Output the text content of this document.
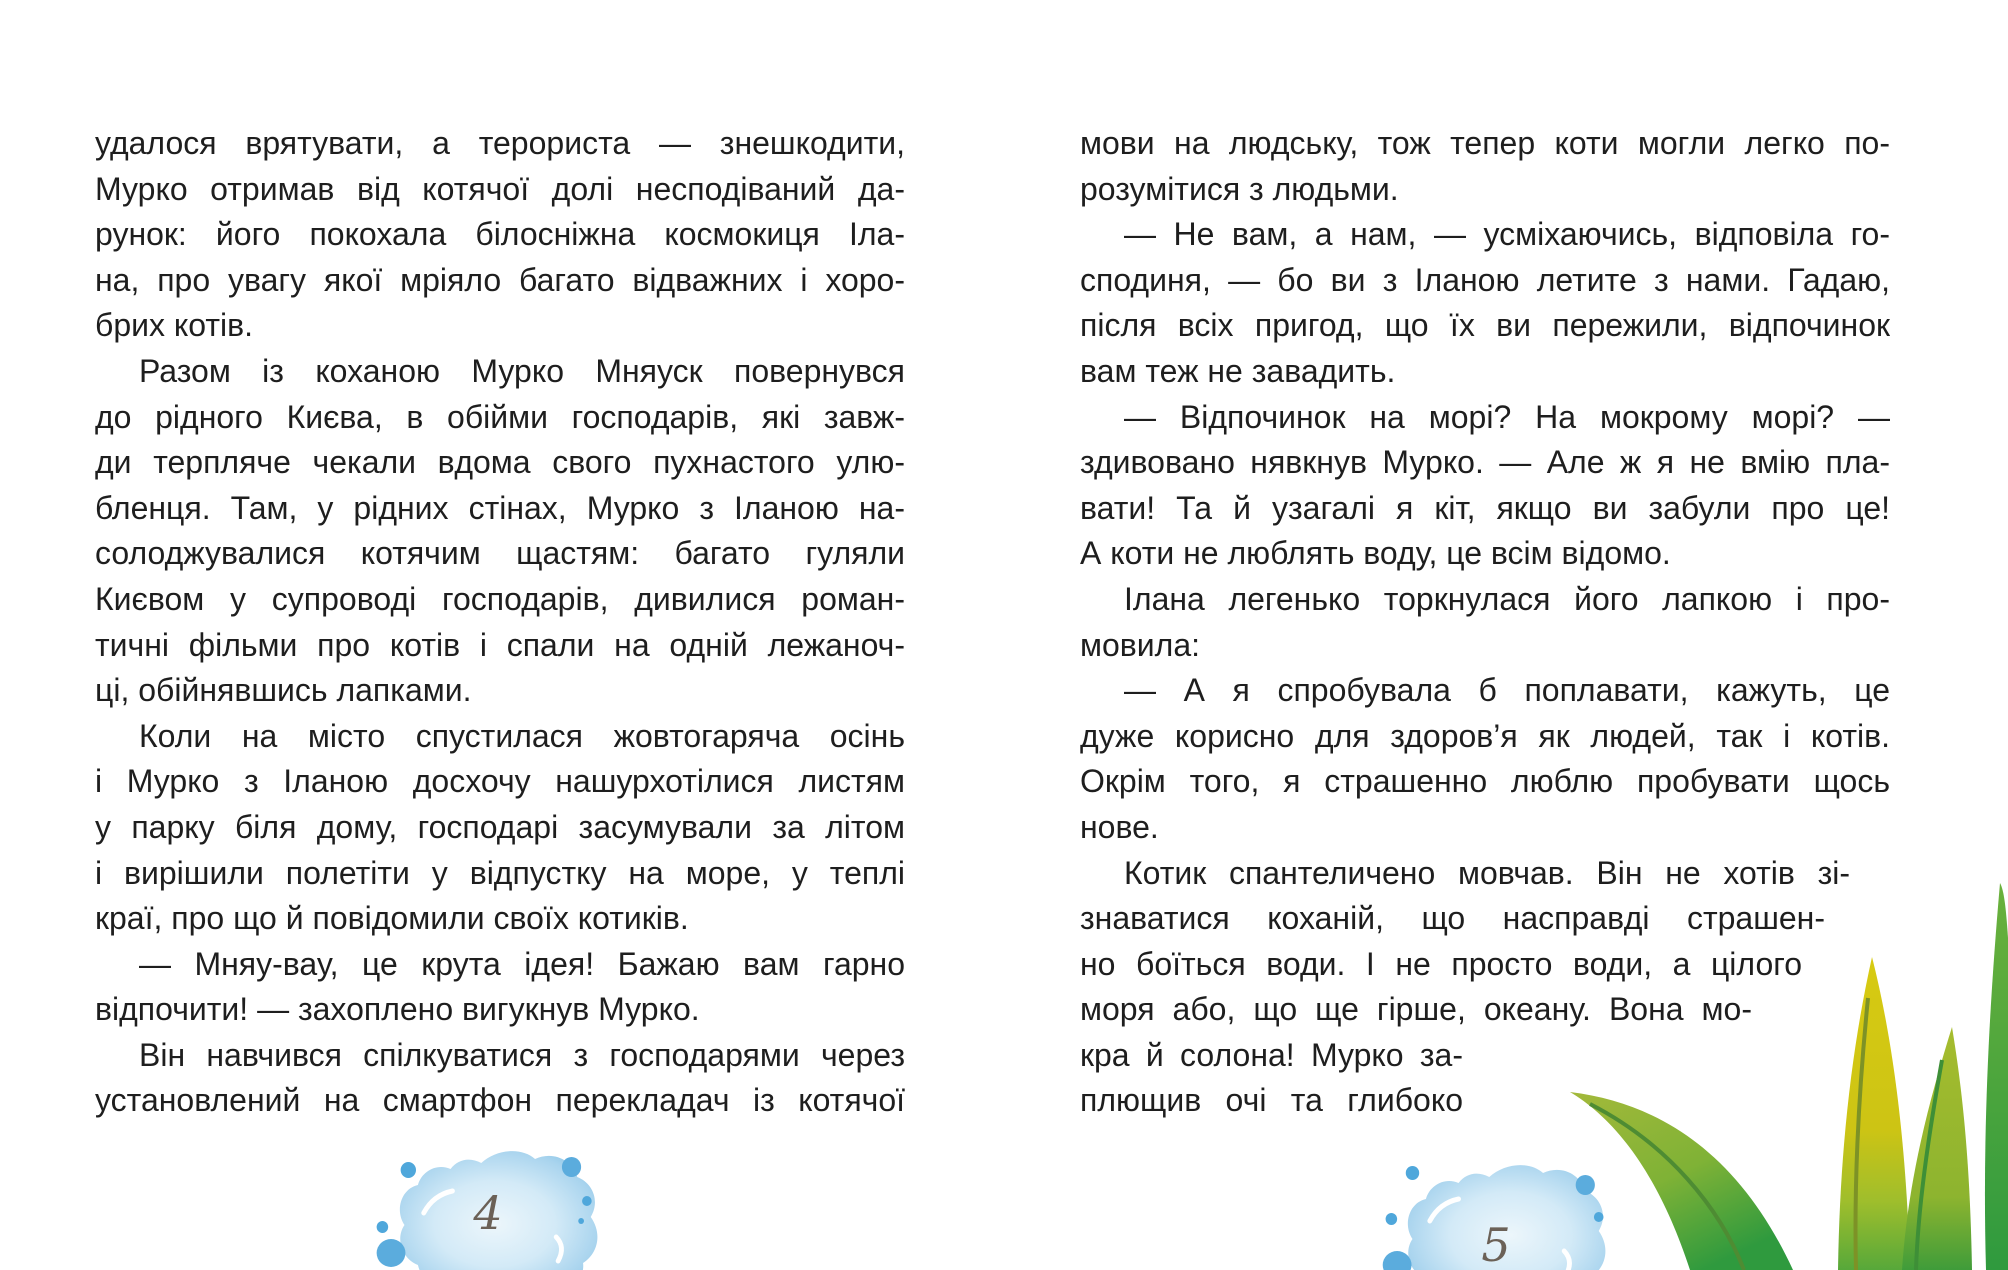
удалося врятувати, а терориста — знешкодити,
Мурко отримав від котячої долі несподіваний да-
рунок: його покохала білосніжна космокиця Іла-
на, про увагу якої мріяло багато відважних і хоро-
брих котів.
Разом із коханою Мурко Мняуск повернувся
до рідного Києва, в обійми господарів, які завж-
ди терпляче чекали вдома свого пухнастого улю-
бленця. Там, у рідних стінах, Мурко з Іланою на-
солоджувалися котячим щастям: багато гуляли
Києвом у супроводі господарів, дивилися роман-
тичні фільми про котів і спали на одній лежаноч-
ці, обійнявшись лапками.
Коли на місто спустилася жовтогаряча осінь
і Мурко з Іланою досхочу нашурхотілися листям
у парку біля дому, господарі засумували за літом
і вирішили полетіти у відпустку на море, у теплі
краї, про що й повідомили своїх котиків.
— Мняу-вау, це крута ідея! Бажаю вам гарно
відпочити! — захоплено вигукнув Мурко.
Він навчився спілкуватися з господарями через
установлений на смартфон перекладач із котячої
мови на людську, тож тепер коти могли легко по-
розумітися з людьми.
— Не вам, а нам, — усміхаючись, відповіла го-
сподиня, — бо ви з Іланою летите з нами. Гадаю,
після всіх пригод, що їх ви пережили, відпочинок
вам теж не завадить.
— Відпочинок на морі? На мокрому морі? —
здивовано нявкнув Мурко. — Але ж я не вмію пла-
вати! Та й узагалі я кіт, якщо ви забули про це!
А коти не люблять воду, це всім відомо.
Ілана легенько торкнулася його лапкою і про-
мовила:
— А я спробувала б поплавати, кажуть, це
дуже корисно для здоров’я як людей, так і котів.
Окрім того, я страшенно люблю пробувати щось
нове.
Котик спантеличено мовчав. Він не хотів зі-
знаватися коханій, що насправді страшен-
но боїться води. І не просто води, а цілого
моря або, що ще гірше, океану. Вона мо-
кра й солона! Мурко за-
плющив очі та глибоко
4
5
